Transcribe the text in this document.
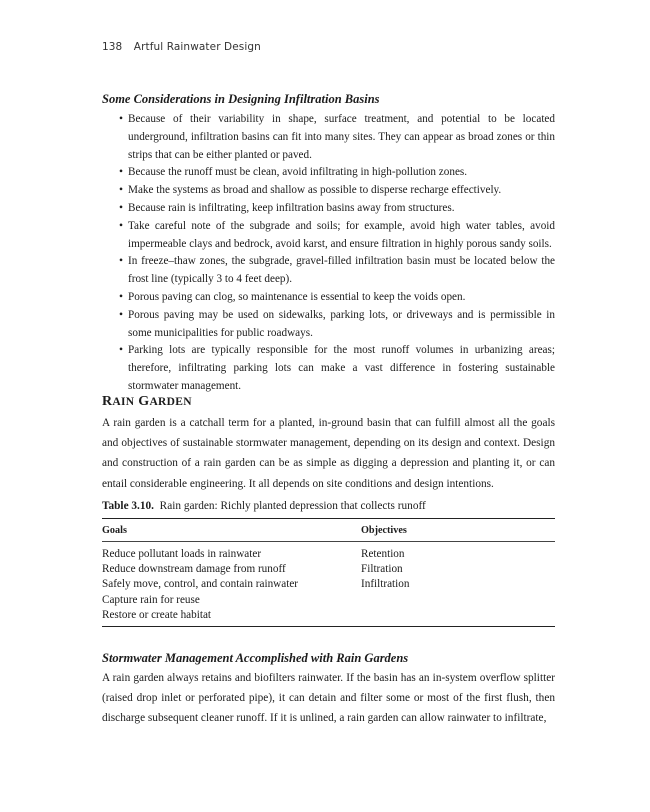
138 Artful Rainwater Design

Some Considerations in Designing Infiltration Basins

• Because of their variability in shape, surface treatment, and potential to be located underground, infiltration basins can fit into many sites. They can appear as broad zones or thin strips that can be either planted or paved.
• Because the runoff must be clean, avoid infiltrating in high-pollution zones.
• Make the systems as broad and shallow as possible to disperse recharge effectively.
• Because rain is infiltrating, keep infiltration basins away from structures.
• Take careful note of the subgrade and soils; for example, avoid high water tables, avoid impermeable clays and bedrock, avoid karst, and ensure filtration in highly porous sandy soils.
• In freeze–thaw zones, the subgrade, gravel-filled infiltration basin must be located below the frost line (typically 3 to 4 feet deep).
• Porous paving can clog, so maintenance is essential to keep the voids open.
• Porous paving may be used on sidewalks, parking lots, or driveways and is permissible in some municipalities for public roadways.
• Parking lots are typically responsible for the most runoff volumes in urbanizing areas; therefore, infiltrating parking lots can make a vast difference in fostering sustainable stormwater management.

RAIN GARDEN

A rain garden is a catchall term for a planted, in-ground basin that can fulfill almost all the goals and objectives of sustainable stormwater management, depending on its design and context. Design and construction of a rain garden can be as simple as digging a depression and planting it, or can entail considerable engineering. It all depends on site conditions and design intentions.

Table 3.10. Rain garden: Richly planted depression that collects runoff

Goals	Objectives

Reduce pollutant loads in rainwater	Retention
Reduce downstream damage from runoff	Filtration
Safely move, control, and contain rainwater	Infiltration
Capture rain for reuse	
Restore or create habitat	

Stormwater Management Accomplished with Rain Gardens

A rain garden always retains and biofilters rainwater. If the basin has an in-system overflow splitter (raised drop inlet or perforated pipe), it can detain and filter some or most of the first flush, then discharge subsequent cleaner runoff. If it is unlined, a rain garden can allow rainwater to infiltrate,
